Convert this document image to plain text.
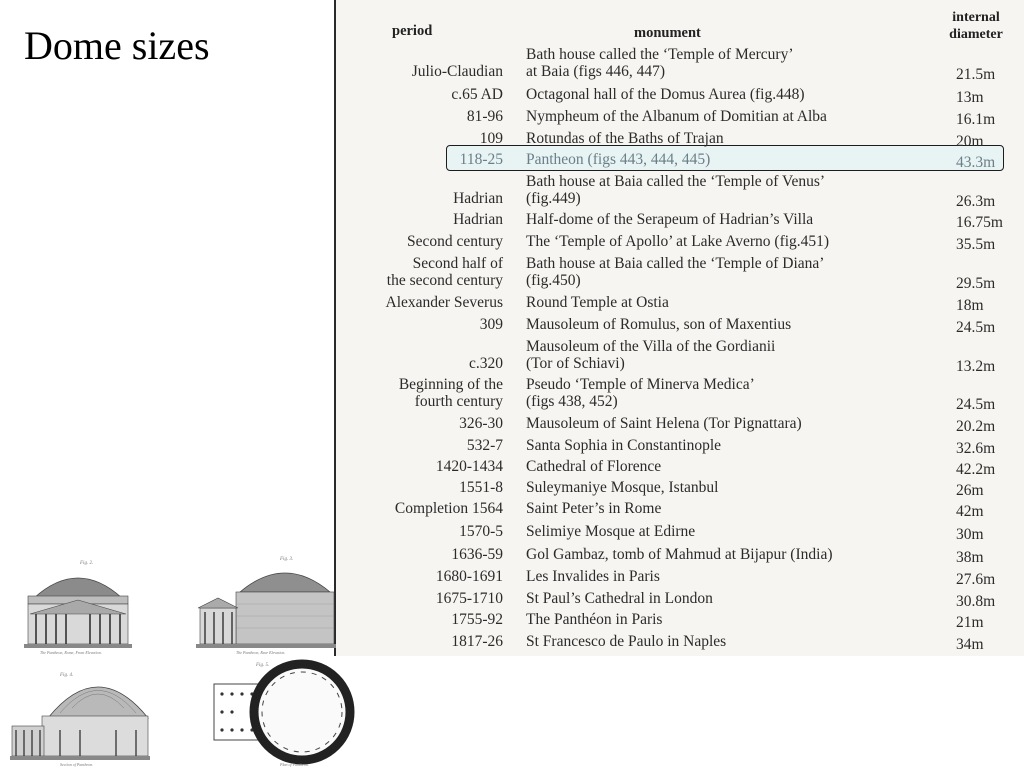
Dome sizes	period	monument
internal
diameter
Julio-Claudian
Bath house called the ‘Temple of Mercury’
at Baia (figs 446, 447)	21.5m
c.65 AD Octagonal hall of the Domus Aurea (fig.448)	13m
81-96 Nympheum of the Albanum of Domitian at Alba	16.1m
109 Rotundas of the Baths of Trajan	20m
118-25 Pantheon (figs 443, 444, 445)	43.3m
Hadrian
Bath house at Baia called the ‘Temple of Venus’
(fig.449)	26.3m
Hadrian Half-dome of the Serapeum of Hadrian’s Villa	16.75m
Second century The ‘Temple of Apollo’ at Lake Averno (fig.451)	35.5m
Second half of
the second century
Bath house at Baia called the ‘Temple of Diana’
(fig.450)	29.5m
Alexander Severus Round Temple at Ostia	18m
309 Mausoleum of Romulus, son of Maxentius	24.5m
c.320
Mausoleum of the Villa of the Gordianii
(Tor of Schiavi)	13.2m
Beginning of the
fourth century
Pseudo ‘Temple of Minerva Medica’
(figs 438, 452)	24.5m
326-30 Mausoleum of Saint Helena (Tor Pignattara)	20.2m
532-7 Santa Sophia in Constantinople	32.6m
1420-1434 Cathedral of Florence	42.2m
1551-8 Suleymaniye Mosque, Istanbul	26m
Completion 1564 Saint Peter’s in Rome	42m
1570-5 Selimiye Mosque at Edirne	30m
1636-59 Gol Gambaz, tomb of Mahmud at Bijapur (India)	38m
1680-1691 Les Invalides in Paris	27.6m
1675-1710 St Paul’s Cathedral in London	30.8m
1755-92 The Panthéon in Paris	21m
1817-26 St Francesco de Paulo in Naples	34m
Fig. 2.
The Pantheon, Rome, Front Elevation.
Fig. 3.
The Pantheon, Rear Elevation.
Fig. 4.
Section of Pantheon.
Fig. 5.
Plan of Pantheon.
